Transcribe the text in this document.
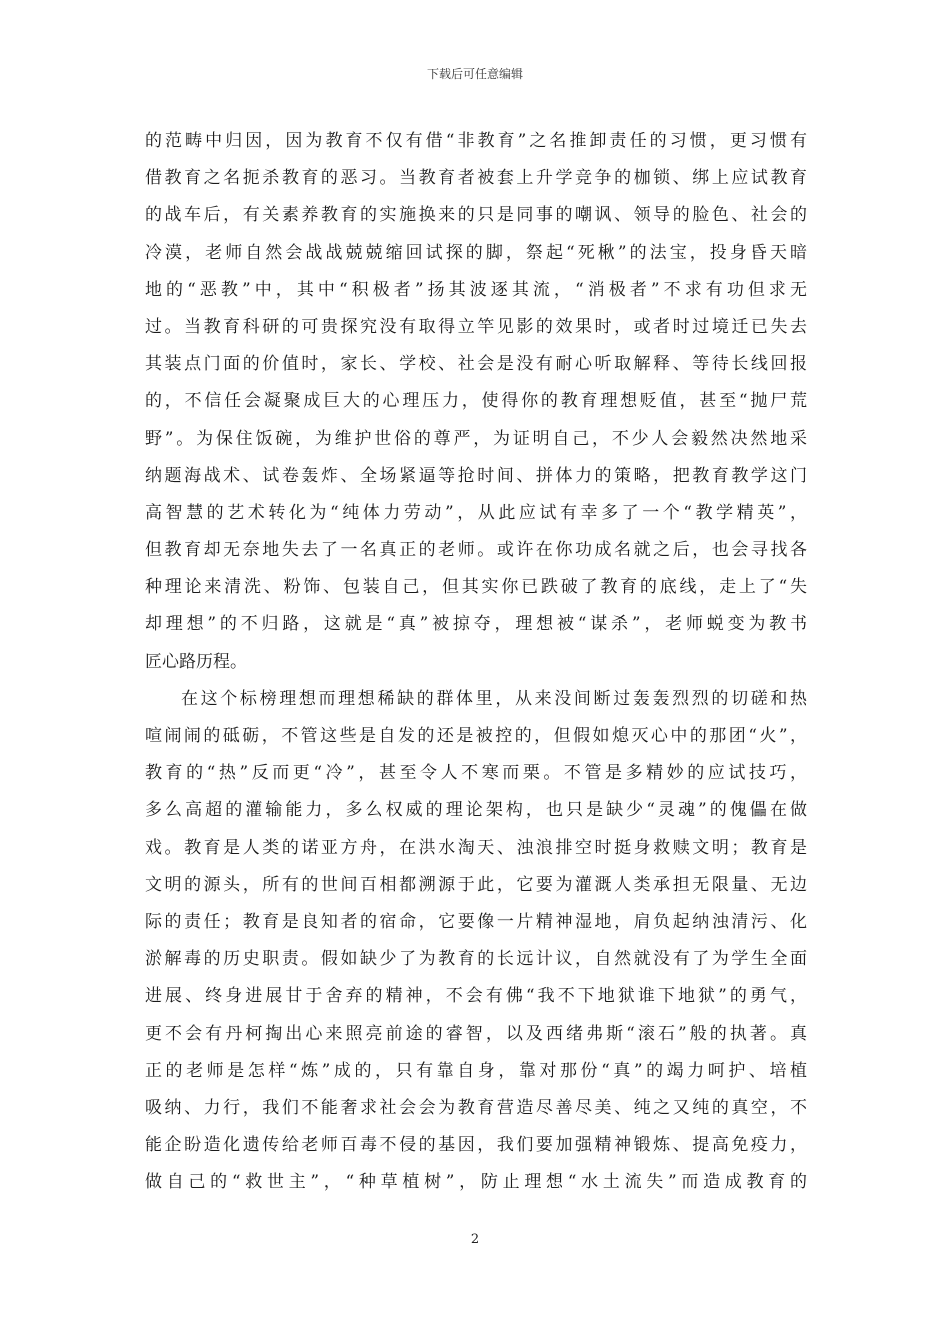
下载后可任意编辑
的范畴中归因，因为教育不仅有借“非教育”之名推卸责任的习惯，更习惯有
借教育之名扼杀教育的恶习。当教育者被套上升学竞争的枷锁、绑上应试教育
的战车后，有关素养教育的实施换来的只是同事的嘲讽、领导的脸色、社会的
冷漠，老师自然会战战兢兢缩回试探的脚，祭起“死楸”的法宝，投身昏天暗
地的“恶教”中，其中“积极者”扬其波逐其流，“消极者”不求有功但求无
过。当教育科研的可贵探究没有取得立竿见影的效果时，或者时过境迁已失去
其装点门面的价值时，家长、学校、社会是没有耐心听取解释、等待长线回报
的，不信任会凝聚成巨大的心理压力，使得你的教育理想贬值，甚至“抛尸荒
野”。为保住饭碗，为维护世俗的尊严，为证明自己，不少人会毅然决然地采
纳题海战术、试卷轰炸、全场紧逼等抢时间、拼体力的策略，把教育教学这门
高智慧的艺术转化为“纯体力劳动”，从此应试有幸多了一个“教学精英”，
但教育却无奈地失去了一名真正的老师。或许在你功成名就之后，也会寻找各
种理论来清洗、粉饰、包装自己，但其实你已跌破了教育的底线，走上了“失
却理想”的不归路，这就是“真”被掠夺，理想被“谋杀”，老师蜕变为教书
匠心路历程。
在这个标榜理想而理想稀缺的群体里，从来没间断过轰轰烈烈的切磋和热
喧闹闹的砥砺，不管这些是自发的还是被控的，但假如熄灭心中的那团“火”，
教育的“热”反而更“冷”，甚至令人不寒而栗。不管是多精妙的应试技巧，
多么高超的灌输能力，多么权威的理论架构，也只是缺少“灵魂”的傀儡在做
戏。教育是人类的诺亚方舟，在洪水淘天、浊浪排空时挺身救赎文明；教育是
文明的源头，所有的世间百相都溯源于此，它要为灌溉人类承担无限量、无边
际的责任；教育是良知者的宿命，它要像一片精神湿地，肩负起纳浊清污、化
淤解毒的历史职责。假如缺少了为教育的长远计议，自然就没有了为学生全面
进展、终身进展甘于舍弃的精神，不会有佛“我不下地狱谁下地狱”的勇气，
更不会有丹柯掏出心来照亮前途的睿智，以及西绪弗斯“滚石”般的执著。真
正的老师是怎样“炼”成的，只有靠自身，靠对那份“真”的竭力呵护、培植
吸纳、力行，我们不能奢求社会会为教育营造尽善尽美、纯之又纯的真空，不
能企盼造化遗传给老师百毒不侵的基因，我们要加强精神锻炼、提高免疫力，
做自己的“救世主”，“种草植树”，防止理想“水土流失”而造成教育的
2
